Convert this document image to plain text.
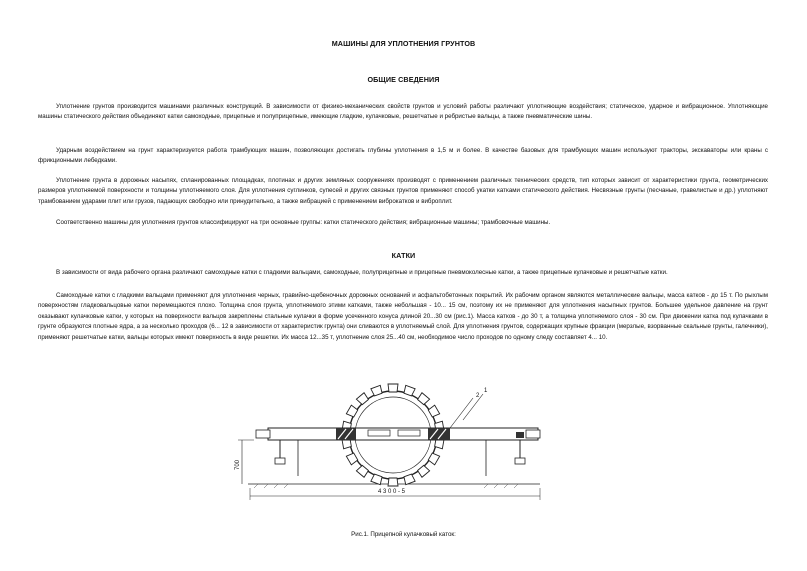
МАШИНЫ ДЛЯ УПЛОТНЕНИЯ ГРУНТОВ
ОБЩИЕ СВЕДЕНИЯ

Уплотнение грунтов производится машинами различных конструкций. В зависимости от физико-механических свойств грунтов и условий работы различают уплотняющие воздействия; статическое, ударное и вибрационное. Уплотняющие машины статического действия объединяют катки самоходные, прицепные и полуприцепные, имеющие гладкие, кулачковые, решетчатые и ребристые вальцы, а также пневматические шины.

Ударным воздействием на грунт характеризуется работа трамбующих машин, позволяющих достигать глубины уплотнения в 1,5 м и более. В качестве базовых для трамбующих машин используют тракторы, экскаваторы или краны с фрикционными лебедками.

Уплотнение грунта в дорожных насыпях, спланированных площадках, плотинах и других земляных сооружениях производят с применением различных технических средств, тип которых зависит от характеристики грунта, геометрических размеров уплотняемой поверхности и толщины уплотняемого слоя. Для уплотнения суглинков, супесей и других связных грунтов применяют способ укатки катками статического действия. Несвязные грунты (песчаные, гравелистые и др.) уплотняют трамбованием ударами плит или грузов, падающих свободно или принудительно, а также вибрацией с применением виброкатков и виброплит.

Соответственно машины для уплотнения грунтов классифицируют на три основные группы: катки статического действия; вибрационные машины; трамбовочные машины.

КАТКИ

В зависимости от вида рабочего органа различают самоходные катки с гладкими вальцами, самоходные, полуприцепные и прицепные пневмоколесные катки, а также прицепные кулачковые и решетчатые катки.

Самоходные катки с гладкими вальцами применяют для уплотнения черных, гравийно-щебеночных дорожных оснований и асфальтобетонных покрытий. Их рабочим органом являются металлические вальцы, масса катков - до 15 т. По рыхлым поверхностям гладковальцовые катки перемещаются плохо. Толщина слоя грунта, уплотняемого этими катками, также небольшая - 10... 15 см, поэтому их не применяют для уплотнения насыпных грунтов. Большее удельное давление на грунт оказывают кулачковые катки, у которых на поверхности вальцов закреплены стальные кулачки в форме усеченного конуса длиной 20...30 см (рис.1). Масса катков - до 30 т, а толщина уплотняемого слоя - 30 см. При движении катка под кулачками в грунте образуются плотные ядра, а за несколько проходов (6... 12 в зависимости от характеристик грунта) они сливаются в уплотняемый слой. Для уплотнения грунтов, содержащих крупные фракции (мерзлые, взорванные скальные грунты, галечники), применяют решетчатые катки, вальцы которых имеют поверхность в виде решетки. Их масса 12...35 т, уплотнение слоя 25...40 см, необходимое число проходов по одному следу составляет 4... 10.

1
2
700
4 3 0 0 - 5
Рис.1. Прицепной кулачковый каток:
